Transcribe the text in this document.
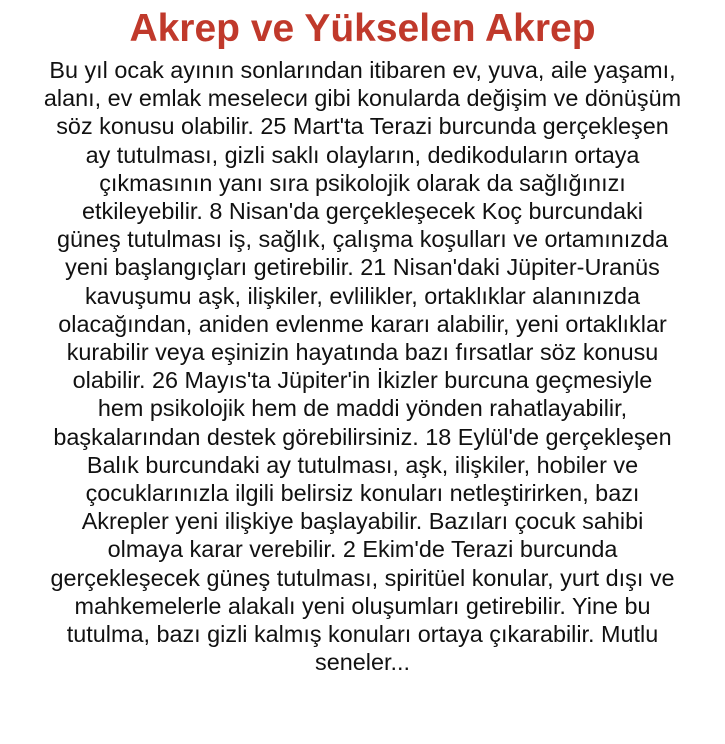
Akrep ve Yükselen Akrep

Bu yıl ocak ayının sonlarından itibaren ev, yuva, aile yaşamı,
alanı, ev emlak meseleси gibi konularda değişim ve dönüşüm
söz konusu olabilir. 25 Mart'ta Terazi burcunda gerçekleşen
ay tutulması, gizli saklı olayların, dedikoduların ortaya
çıkmasının yanı sıra psikolojik olarak da sağlığınızı
etkileyebilir. 8 Nisan'da gerçekleşecek Koç burcundaki
güneş tutulması iş, sağlık, çalışma koşulları ve ortamınızda
yeni başlangıçları getirebilir. 21 Nisan'daki Jüpiter-Uranüs
kavuşumu aşk, ilişkiler, evlilikler, ortaklıklar alanınızda
olacağından, aniden evlenme kararı alabilir, yeni ortaklıklar
kurabilir veya eşinizin hayatında bazı fırsatlar söz konusu
olabilir. 26 Mayıs'ta Jüpiter'in İkizler burcuna geçmesiyle
hem psikolojik hem de maddi yönden rahatlayabilir,
başkalarından destek görebilirsiniz. 18 Eylül'de gerçekleşen
Balık burcundaki ay tutulması, aşk, ilişkiler, hobiler ve
çocuklarınızla ilgili belirsiz konuları netleştirirken, bazı
Akrepler yeni ilişkiye başlayabilir. Bazıları çocuk sahibi
olmaya karar verebilir. 2 Ekim'de Terazi burcunda
gerçekleşecek güneş tutulması, spiritüel konular, yurt dışı ve
mahkemelerle alakalı yeni oluşumları getirebilir. Yine bu
tutulma, bazı gizli kalmış konuları ortaya çıkarabilir. Mutlu
seneler...
